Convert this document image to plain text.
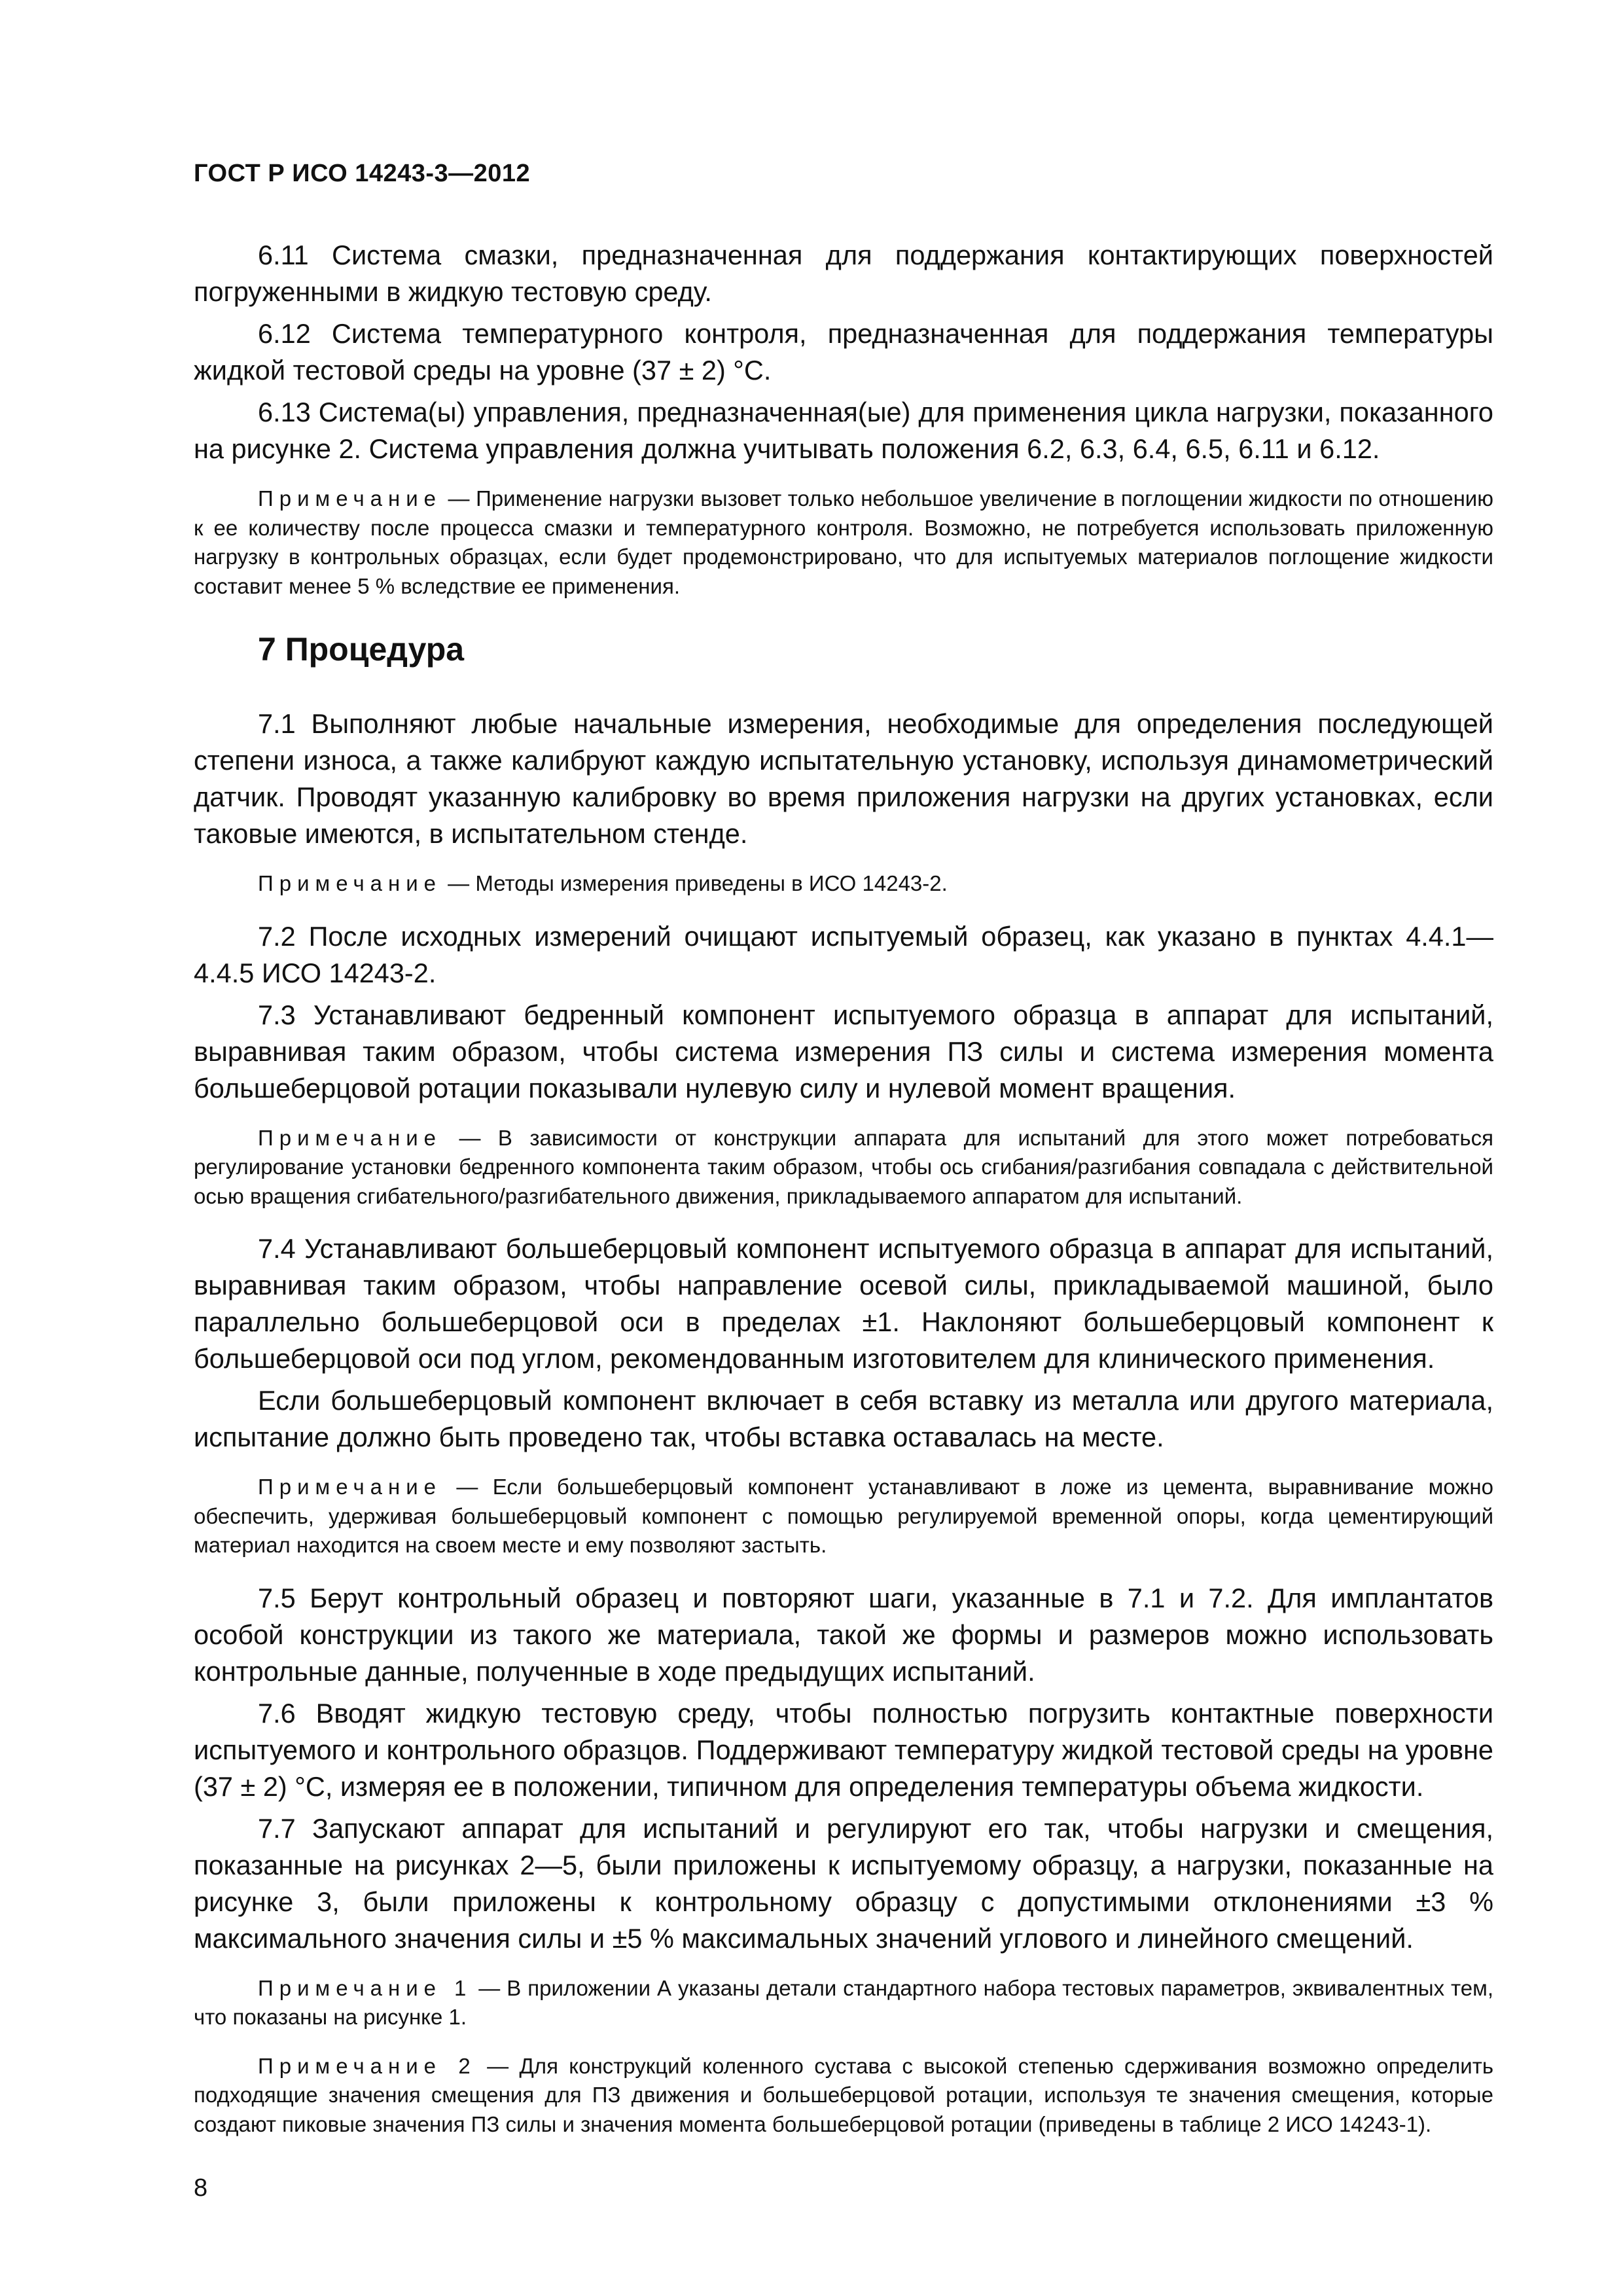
ГОСТ Р ИСО 14243-3—2012

6.11 Система смазки, предназначенная для поддержания контактирующих поверхностей погруженными в жидкую тестовую среду.

6.12 Система температурного контроля, предназначенная для поддержания температуры жидкой тестовой среды на уровне (37 ± 2) °С.

6.13 Система(ы) управления, предназначенная(ые) для применения цикла нагрузки, показанного на рисунке 2. Система управления должна учитывать положения 6.2, 6.3, 6.4, 6.5, 6.11 и 6.12.

Примечание — Применение нагрузки вызовет только небольшое увеличение в поглощении жидкости по отношению к ее количеству после процесса смазки и температурного контроля. Возможно, не потребуется использовать приложенную нагрузку в контрольных образцах, если будет продемонстрировано, что для испытуемых материалов поглощение жидкости составит менее 5 % вследствие ее применения.

7 Процедура

7.1 Выполняют любые начальные измерения, необходимые для определения последующей степени износа, а также калибруют каждую испытательную установку, используя динамометрический датчик. Проводят указанную калибровку во время приложения нагрузки на других установках, если таковые имеются, в испытательном стенде.

Примечание — Методы измерения приведены в ИСО 14243-2.

7.2 После исходных измерений очищают испытуемый образец, как указано в пунктах 4.4.1—4.4.5 ИСО 14243-2.

7.3 Устанавливают бедренный компонент испытуемого образца в аппарат для испытаний, выравнивая таким образом, чтобы система измерения ПЗ силы и система измерения момента большеберцовой ротации показывали нулевую силу и нулевой момент вращения.

Примечание — В зависимости от конструкции аппарата для испытаний для этого может потребоваться регулирование установки бедренного компонента таким образом, чтобы ось сгибания/разгибания совпадала с действительной осью вращения сгибательного/разгибательного движения, прикладываемого аппаратом для испытаний.

7.4 Устанавливают большеберцовый компонент испытуемого образца в аппарат для испытаний, выравнивая таким образом, чтобы направление осевой силы, прикладываемой машиной, было параллельно большеберцовой оси в пределах ±1. Наклоняют большеберцовый компонент к большеберцовой оси под углом, рекомендованным изготовителем для клинического применения.

Если большеберцовый компонент включает в себя вставку из металла или другого материала, испытание должно быть проведено так, чтобы вставка оставалась на месте.

Примечание — Если большеберцовый компонент устанавливают в ложе из цемента, выравнивание можно обеспечить, удерживая большеберцовый компонент с помощью регулируемой временной опоры, когда цементирующий материал находится на своем месте и ему позволяют застыть.

7.5 Берут контрольный образец и повторяют шаги, указанные в 7.1 и 7.2. Для имплантатов особой конструкции из такого же материала, такой же формы и размеров можно использовать контрольные данные, полученные в ходе предыдущих испытаний.

7.6 Вводят жидкую тестовую среду, чтобы полностью погрузить контактные поверхности испытуемого и контрольного образцов. Поддерживают температуру жидкой тестовой среды на уровне (37 ± 2) °С, измеряя ее в положении, типичном для определения температуры объема жидкости.

7.7 Запускают аппарат для испытаний и регулируют его так, чтобы нагрузки и смещения, показанные на рисунках 2—5, были приложены к испытуемому образцу, а нагрузки, показанные на рисунке 3, были приложены к контрольному образцу с допустимыми отклонениями ±3 % максимального значения силы и ±5 % максимальных значений углового и линейного смещений.

Примечание 1 — В приложении А указаны детали стандартного набора тестовых параметров, эквивалентных тем, что показаны на рисунке 1.

Примечание 2 — Для конструкций коленного сустава с высокой степенью сдерживания возможно определить подходящие значения смещения для ПЗ движения и большеберцовой ротации, используя те значения смещения, которые создают пиковые значения ПЗ силы и значения момента большеберцовой ротации (приведены в таблице 2 ИСО 14243-1).

8
